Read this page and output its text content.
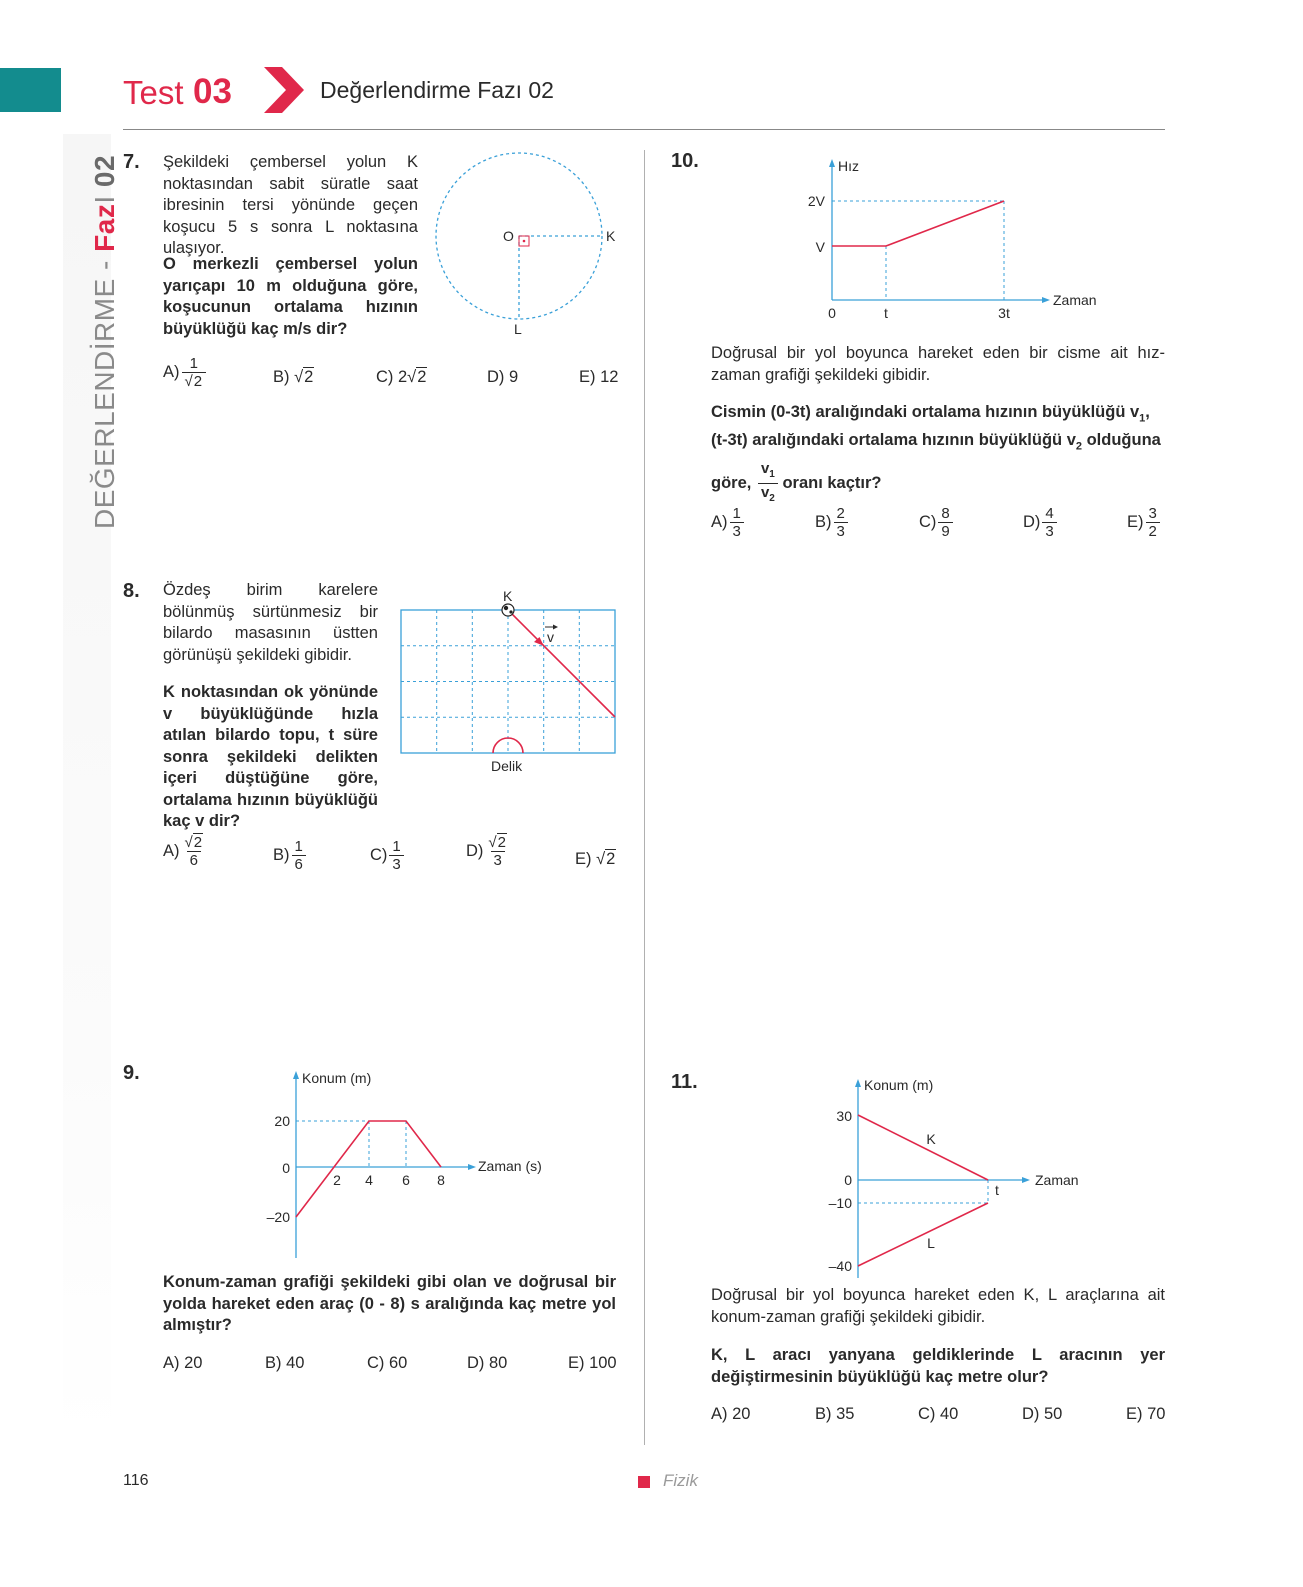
Test 03	Değerlendirme Fazı 02
DEĞERLENDİRME - FazI 02 7. Şekildeki çembersel yolun K noktasından sabit süratle saat ibresinin tersi yönünde geçen koşucu 5 s sonra L noktasına ulaşıyor.
O merkezli çembersel yolun yarıçapı 10 m olduğuna göre, koşucunun ortalama hızının büyüklüğü kaç m/s dir?
O	K
L
$A) \frac{1}{√2}$	B) √2	C) 2√2	D) 9	E) 12
8. Özdeş birim karelere bölünmüş sürtünmesiz bir bilardo masasının üstten görünüşü şekildeki gibidir.
K noktasından ok yönünde v büyüklüğünde hızla atılan bilardo topu, t süre sonra şekildeki delikten içeri düştüğüne göre, ortalama hızının büyüklüğü kaç v dir?
K
v
Delik
$A) \frac{√2}{6}$	$B) \frac{1}{6}$	$C) \frac{1}{3}$	$D) \frac{√2}{3}$	E) √2
9.	Konum (m)
Zaman (s)
20
0
–20
2 4 6 8
Konum-zaman grafiği şekildeki gibi olan ve doğrusal bir yolda hareket eden araç (0 - 8) s aralığında kaç metre yol almıştır?
A) 20	B) 40	C) 60	D) 80	E) 100
10.	Hız
Zaman
2V
V
0	t	3t
Doğrusal bir yol boyunca hareket eden bir cisme ait hız-zaman grafiği şekildeki gibidir.
Cismin (0-3t) aralığındaki ortalama hızının büyüklüğü $v_1$,
(t-3t) aralığındaki ortalama hızının büyüklüğü $v_2$ olduğuna
göre, $\frac{v_1}{v_2}$ oranı kaçtır?
$A) \frac{1}{3}$	$B) \frac{2}{3}$	$C) \frac{8}{9}$	$D) \frac{4}{3}$	$E) \frac{3}{2}$
11.	Konum (m)
Zaman
30
0
–10
–40
t
K
L
Doğrusal bir yol boyunca hareket eden K, L araçlarına ait konum-zaman grafiği şekildeki gibidir.
K, L aracı yanyana geldiklerinde L aracının yer değiştirmesinin büyüklüğü kaç metre olur?
A) 20	B) 35	C) 40	D) 50	E) 70
116	Fizik
